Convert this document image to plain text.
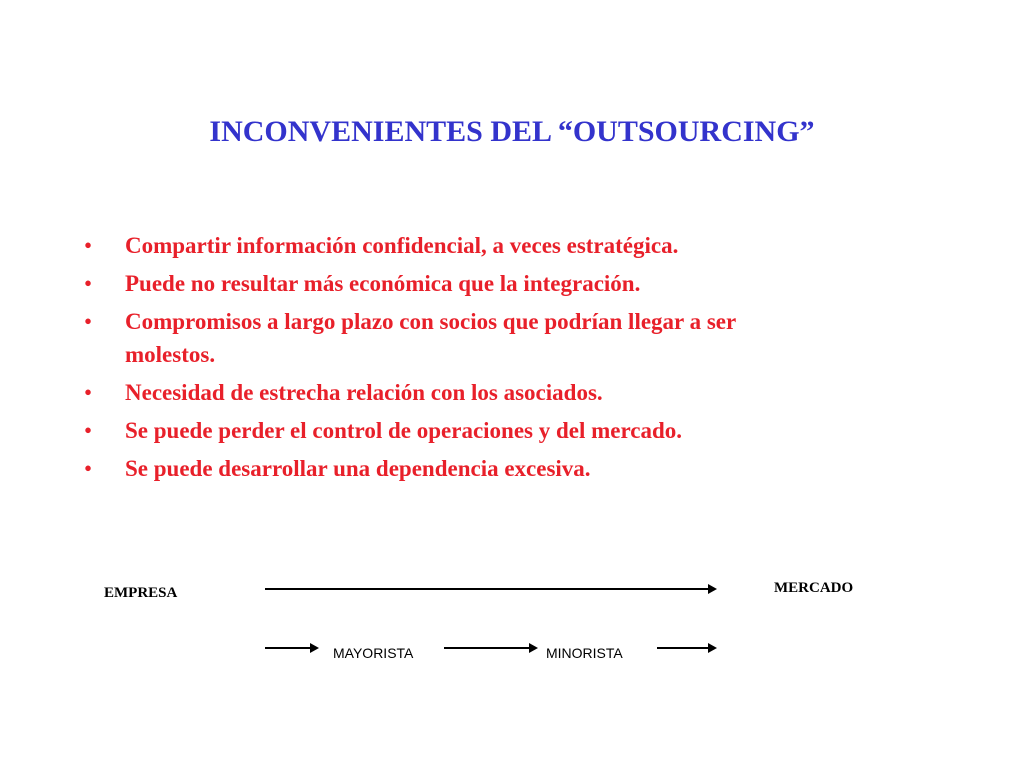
INCONVENIENTES DEL “OUTSOURCING”
• Compartir información confidencial, a veces estratégica.
• Puede no resultar más económica que la integración.
• Compromisos a largo plazo con socios que podrían llegar a ser
molestos.
• Necesidad de estrecha relación con los asociados.
• Se puede perder el control de operaciones y del mercado.
• Se puede desarrollar una dependencia excesiva.
EMPRESA	MERCADO
MAYORISTA	MINORISTA
